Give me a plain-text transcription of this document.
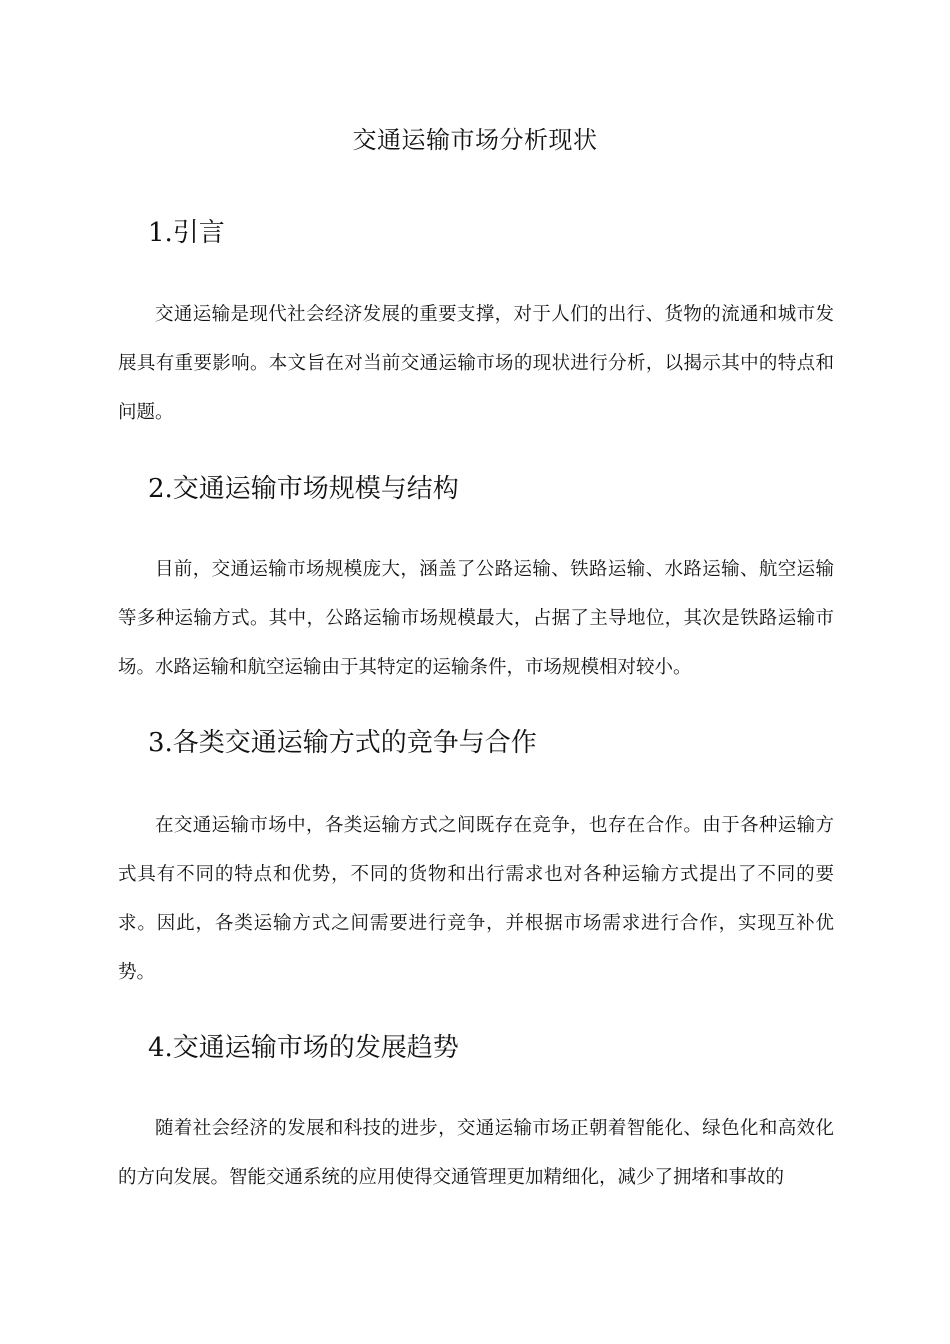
交通运输市场分析现状
1.引言

交通运输是现代社会经济发展的重要支撑，对于人们的出行、货物的流通和城市发展具有重要影响。本文旨在对当前交通运输市场的现状进行分析，以揭示其中的特点和问题。

2.交通运输市场规模与结构

目前，交通运输市场规模庞大，涵盖了公路运输、铁路运输、水路运输、航空运输等多种运输方式。其中，公路运输市场规模最大，占据了主导地位，其次是铁路运输市场。水路运输和航空运输由于其特定的运输条件，市场规模相对较小。

3.各类交通运输方式的竞争与合作

在交通运输市场中，各类运输方式之间既存在竞争，也存在合作。由于各种运输方式具有不同的特点和优势，不同的货物和出行需求也对各种运输方式提出了不同的要求。因此，各类运输方式之间需要进行竞争，并根据市场需求进行合作，实现互补优势。

4.交通运输市场的发展趋势

随着社会经济的发展和科技的进步，交通运输市场正朝着智能化、绿色化和高效化的方向发展。智能交通系统的应用使得交通管理更加精细化，减少了拥堵和事故的
